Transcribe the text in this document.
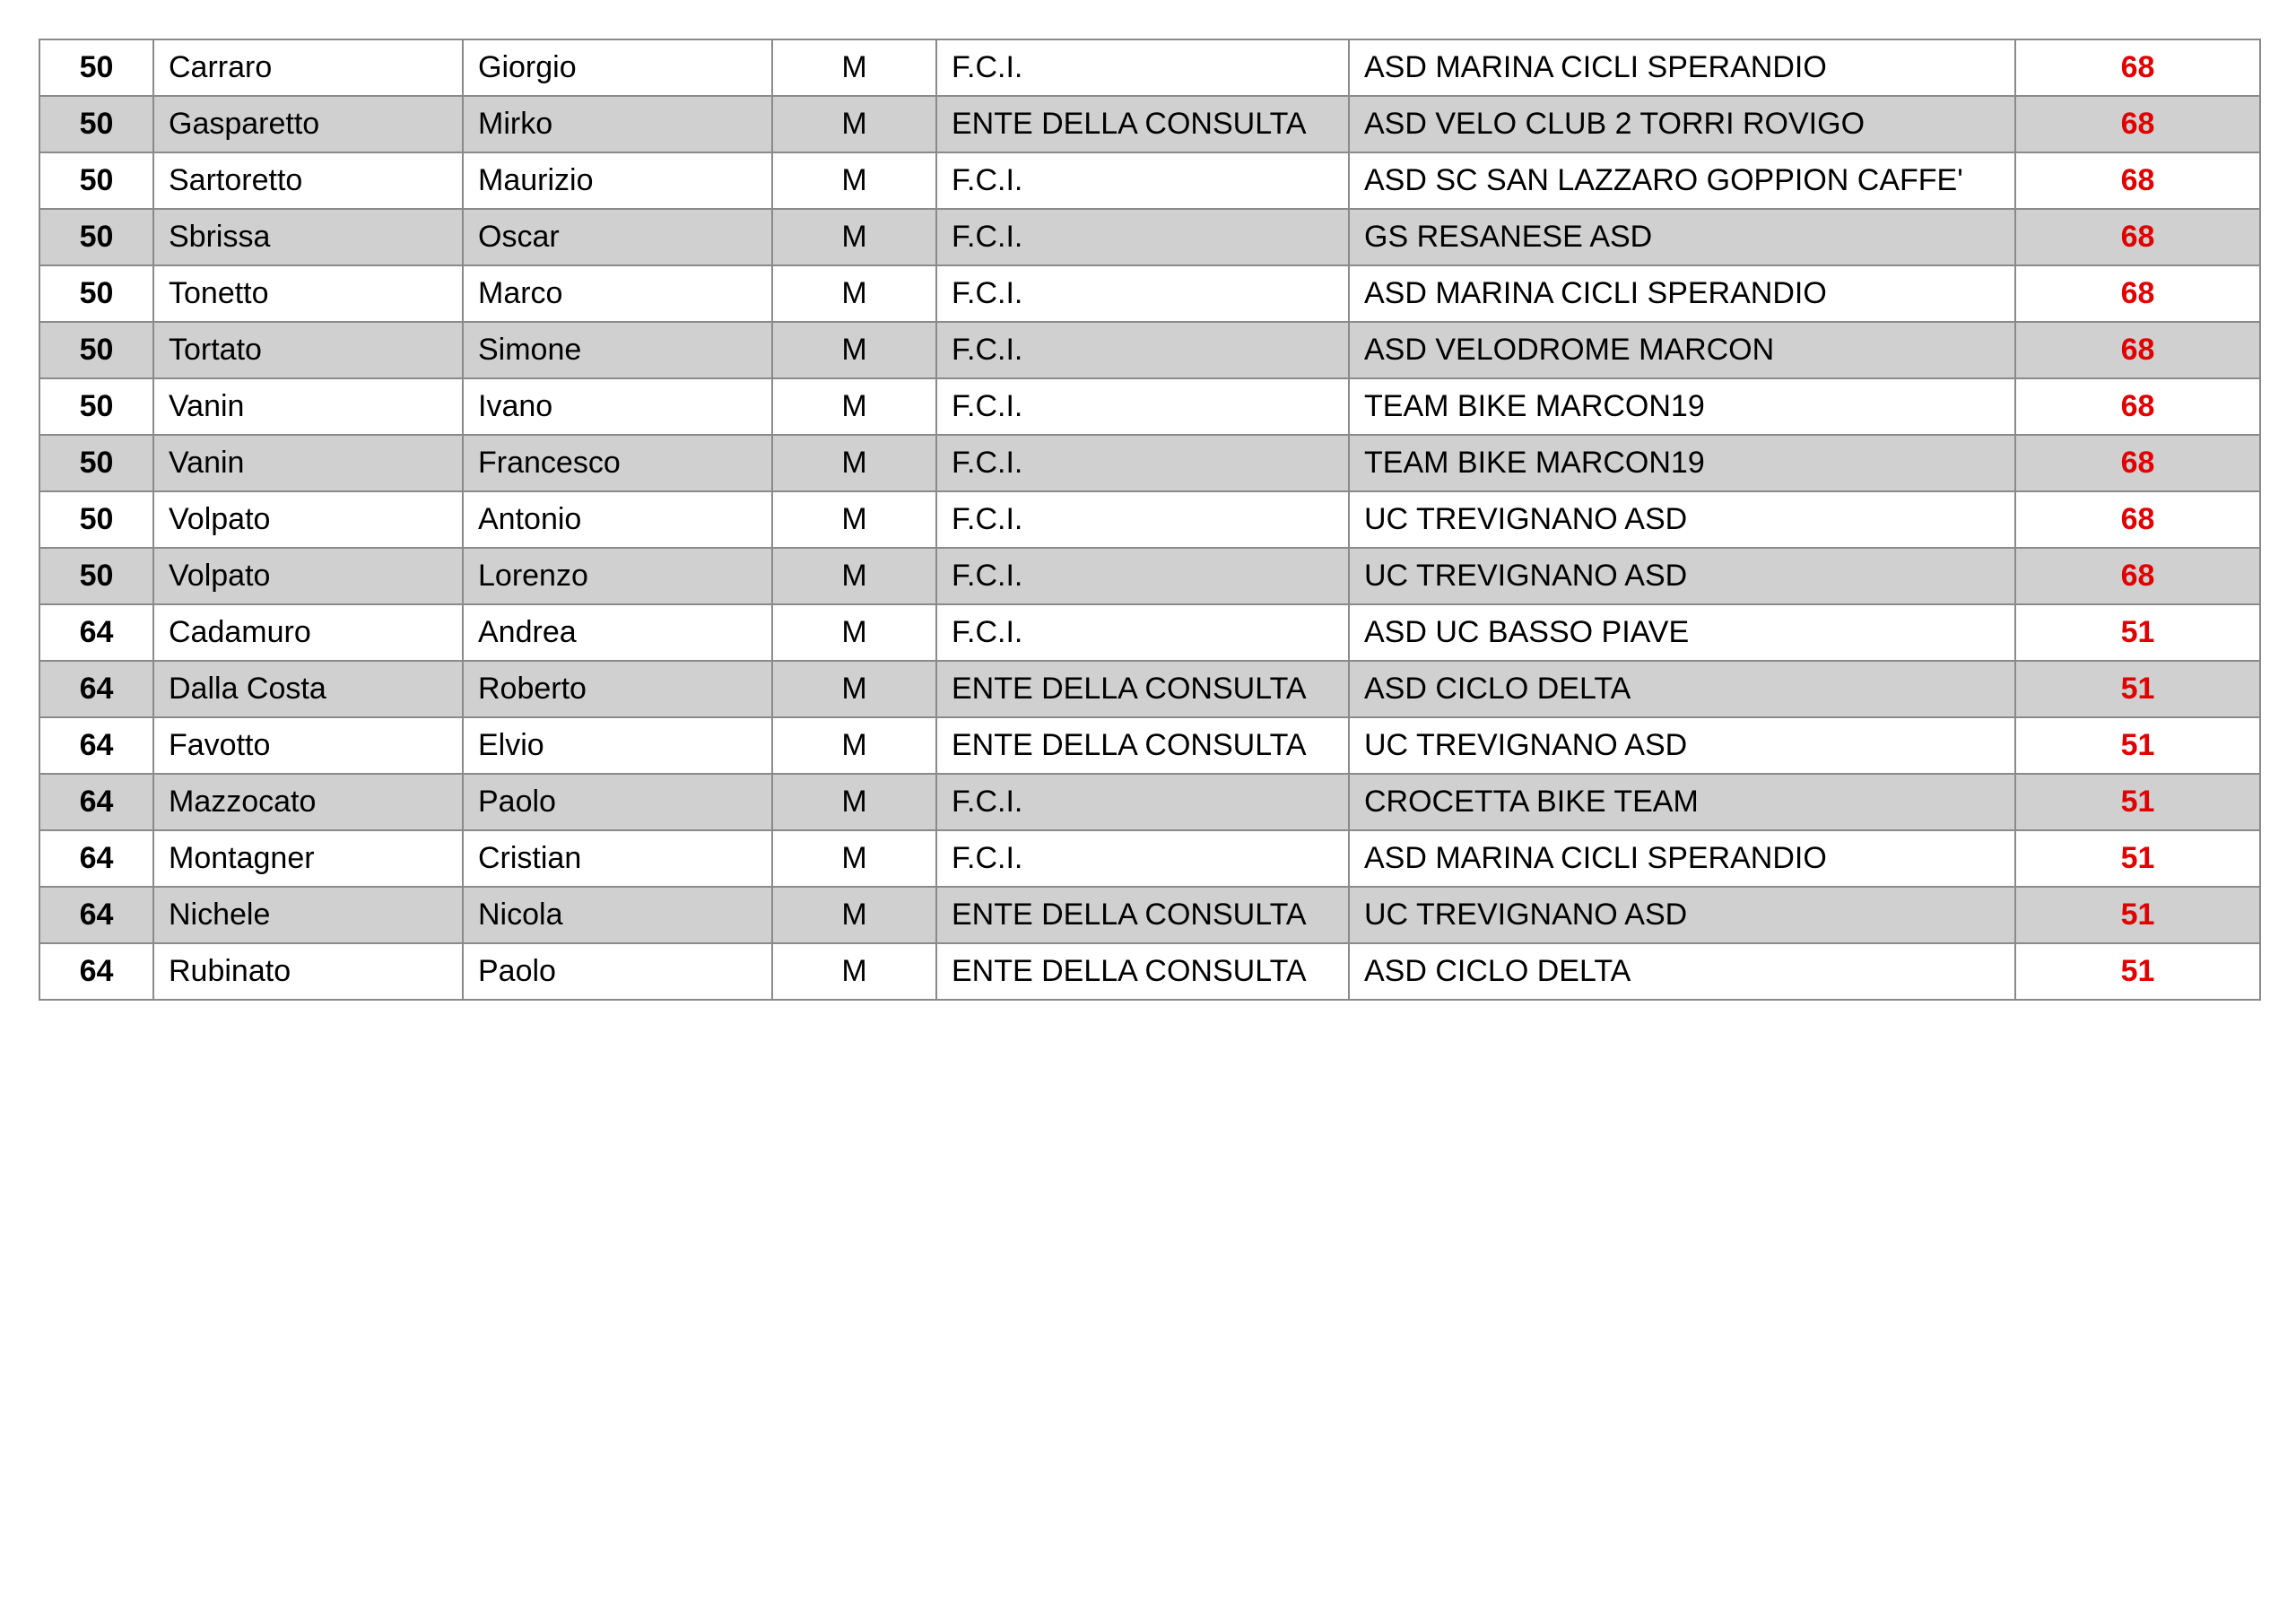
50	Carraro	Giorgio	M	F.C.I.	ASD MARINA CICLI SPERANDIO	68
50	Gasparetto	Mirko	M	ENTE DELLA CONSULTA	ASD VELO CLUB 2 TORRI ROVIGO	68
50	Sartoretto	Maurizio	M	F.C.I.	ASD SC SAN LAZZARO GOPPION CAFFE'	68
50	Sbrissa	Oscar	M	F.C.I.	GS RESANESE ASD	68
50	Tonetto	Marco	M	F.C.I.	ASD MARINA CICLI SPERANDIO	68
50	Tortato	Simone	M	F.C.I.	ASD VELODROME MARCON	68
50	Vanin	Ivano	M	F.C.I.	TEAM BIKE MARCON19	68
50	Vanin	Francesco	M	F.C.I.	TEAM BIKE MARCON19	68
50	Volpato	Antonio	M	F.C.I.	UC TREVIGNANO ASD	68
50	Volpato	Lorenzo	M	F.C.I.	UC TREVIGNANO ASD	68
64	Cadamuro	Andrea	M	F.C.I.	ASD UC BASSO PIAVE	51
64	Dalla Costa	Roberto	M	ENTE DELLA CONSULTA	ASD CICLO DELTA	51
64	Favotto	Elvio	M	ENTE DELLA CONSULTA	UC TREVIGNANO ASD	51
64	Mazzocato	Paolo	M	F.C.I.	CROCETTA BIKE TEAM	51
64	Montagner	Cristian	M	F.C.I.	ASD MARINA CICLI SPERANDIO	51
64	Nichele	Nicola	M	ENTE DELLA CONSULTA	UC TREVIGNANO ASD	51
64	Rubinato	Paolo	M	ENTE DELLA CONSULTA	ASD CICLO DELTA	51
